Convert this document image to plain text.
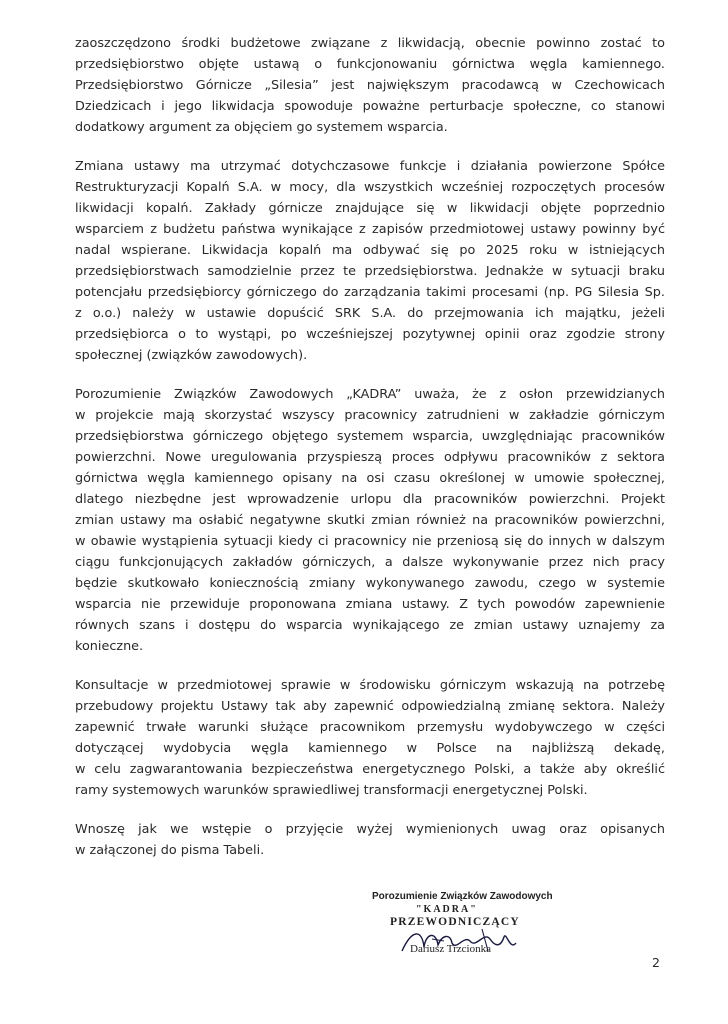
zaoszczędzono środki budżetowe związane z likwidacją, obecnie powinno zostać to

przedsiębiorstwo objęte ustawą o funkcjonowaniu górnictwa węgla kamiennego.

Przedsiębiorstwo Górnicze „Silesia” jest największym pracodawcą w Czechowicach

Dziedzicach i jego likwidacja spowoduje poważne perturbacje społeczne, co stanowi

dodatkowy argument za objęciem go systemem wsparcia.

Zmiana ustawy ma utrzymać dotychczasowe funkcje i działania powierzone Spółce

Restrukturyzacji Kopalń S.A. w mocy, dla wszystkich wcześniej rozpoczętych procesów

likwidacji kopalń. Zakłady górnicze znajdujące się w likwidacji objęte poprzednio

wsparciem z budżetu państwa wynikające z zapisów przedmiotowej ustawy powinny być

nadal wspierane. Likwidacja kopalń ma odbywać się po 2025 roku w istniejących

przedsiębiorstwach samodzielnie przez te przedsiębiorstwa. Jednakże w sytuacji braku

potencjału przedsiębiorcy górniczego do zarządzania takimi procesami (np. PG Silesia Sp.

z o.o.) należy w ustawie dopuścić SRK S.A. do przejmowania ich majątku, jeżeli

przedsiębiorca o to wystąpi, po wcześniejszej pozytywnej opinii oraz zgodzie strony

społecznej (związków zawodowych).

Porozumienie Związków Zawodowych „KADRA” uważa, że z osłon przewidzianych

w projekcie mają skorzystać wszyscy pracownicy zatrudnieni w zakładzie górniczym

przedsiębiorstwa górniczego objętego systemem wsparcia, uwzględniając pracowników

powierzchni. Nowe uregulowania przyspieszą proces odpływu pracowników z sektora

górnictwa węgla kamiennego opisany na osi czasu określonej w umowie społecznej,

dlatego niezbędne jest wprowadzenie urlopu dla pracowników powierzchni. Projekt

zmian ustawy ma osłabić negatywne skutki zmian również na pracowników powierzchni,

w obawie wystąpienia sytuacji kiedy ci pracownicy nie przeniosą się do innych w dalszym

ciągu funkcjonujących zakładów górniczych, a dalsze wykonywanie przez nich pracy

będzie skutkowało koniecznością zmiany wykonywanego zawodu, czego w systemie

wsparcia nie przewiduje proponowana zmiana ustawy. Z tych powodów zapewnienie

równych szans i dostępu do wsparcia wynikającego ze zmian ustawy uznajemy za

konieczne.

Konsultacje w przedmiotowej sprawie w środowisku górniczym wskazują na potrzebę

przebudowy projektu Ustawy tak aby zapewnić odpowiedzialną zmianę sektora. Należy

zapewnić trwałe warunki służące pracownikom przemysłu wydobywczego w części

dotyczącej wydobycia węgla kamiennego w Polsce na najbliższą dekadę,

w celu zagwarantowania bezpieczeństwa energetycznego Polski, a także aby określić

ramy systemowych warunków sprawiedliwej transformacji energetycznej Polski.

Wnoszę jak we wstępie o przyjęcie wyżej wymienionych uwag oraz opisanych

w załączonej do pisma Tabeli.

Porozumienie Związków Zawodowych
"KADRA"
PRZEWODNICZĄCY
Dariusz Trzcionka
2
